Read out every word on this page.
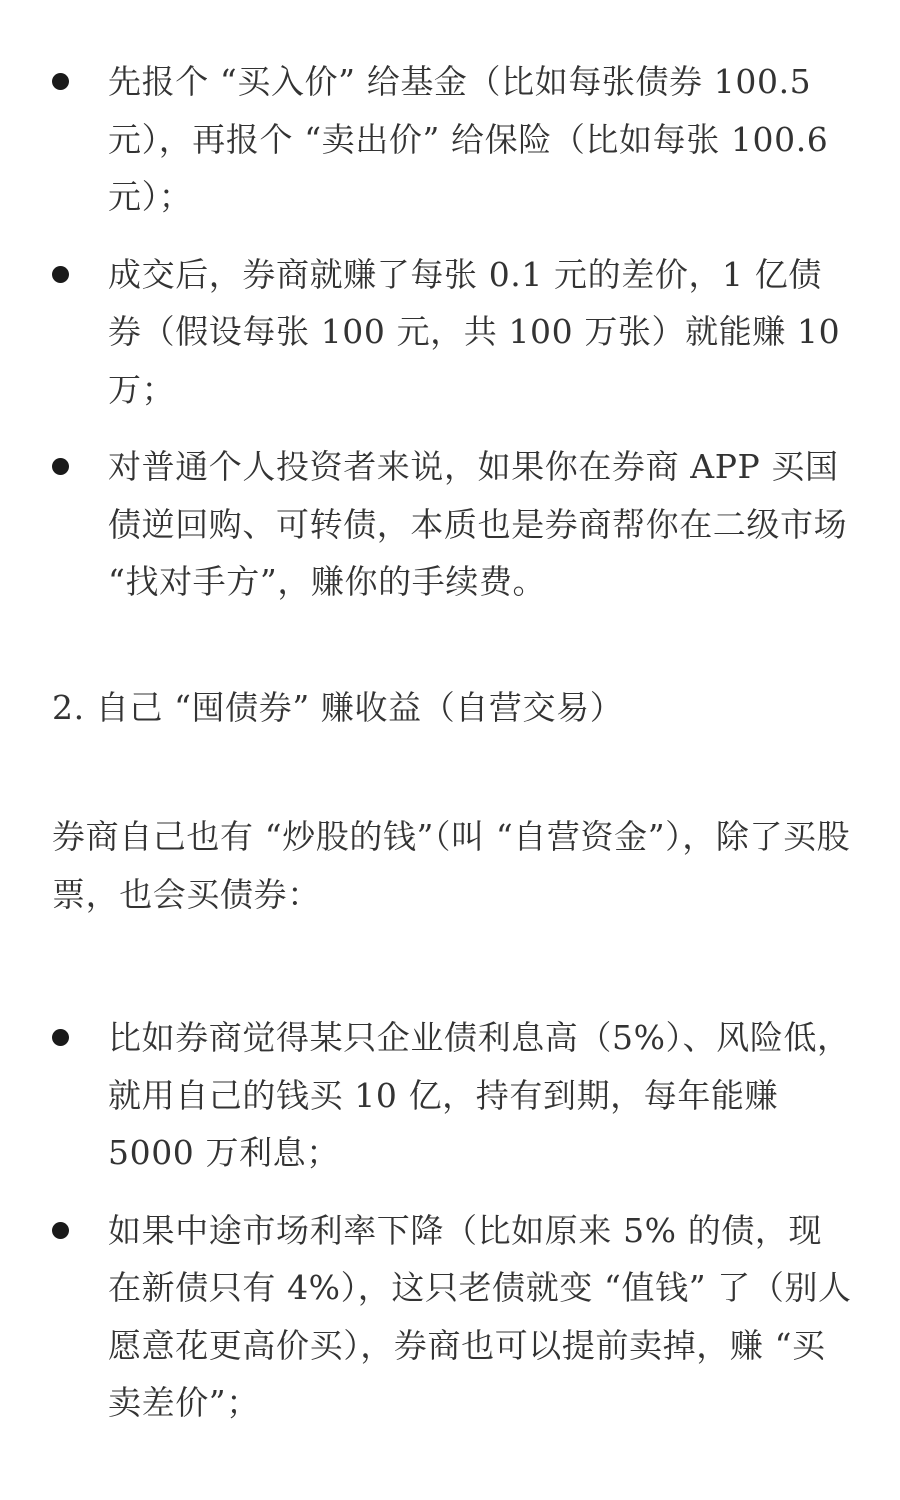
先报个 “买入价” 给基金（比如每张债券 100.5 元），再报个 “卖出价” 给保险（比如每张 100.6 元）；
成交后，券商就赚了每张 0.1 元的差价，1 亿债券（假设每张 100 元，共 100 万张）就能赚 10 万；
对普通个人投资者来说，如果你在券商 APP 买国债逆回购、可转债，本质也是券商帮你在二级市场 “找对手方”，赚你的手续费。
2. 自己 “囤债券” 赚收益（自营交易）

券商自己也有 “炒股的钱”（叫 “自营资金”），除了买股票，也会买债券：

比如券商觉得某只企业债利息高（5%）、风险低，就用自己的钱买 10 亿，持有到期，每年能赚 5000 万利息；
如果中途市场利率下降（比如原来 5% 的债，现在新债只有 4%），这只老债就变 “值钱” 了（别人愿意花更高价买），券商也可以提前卖掉，赚 “买卖差价”；
